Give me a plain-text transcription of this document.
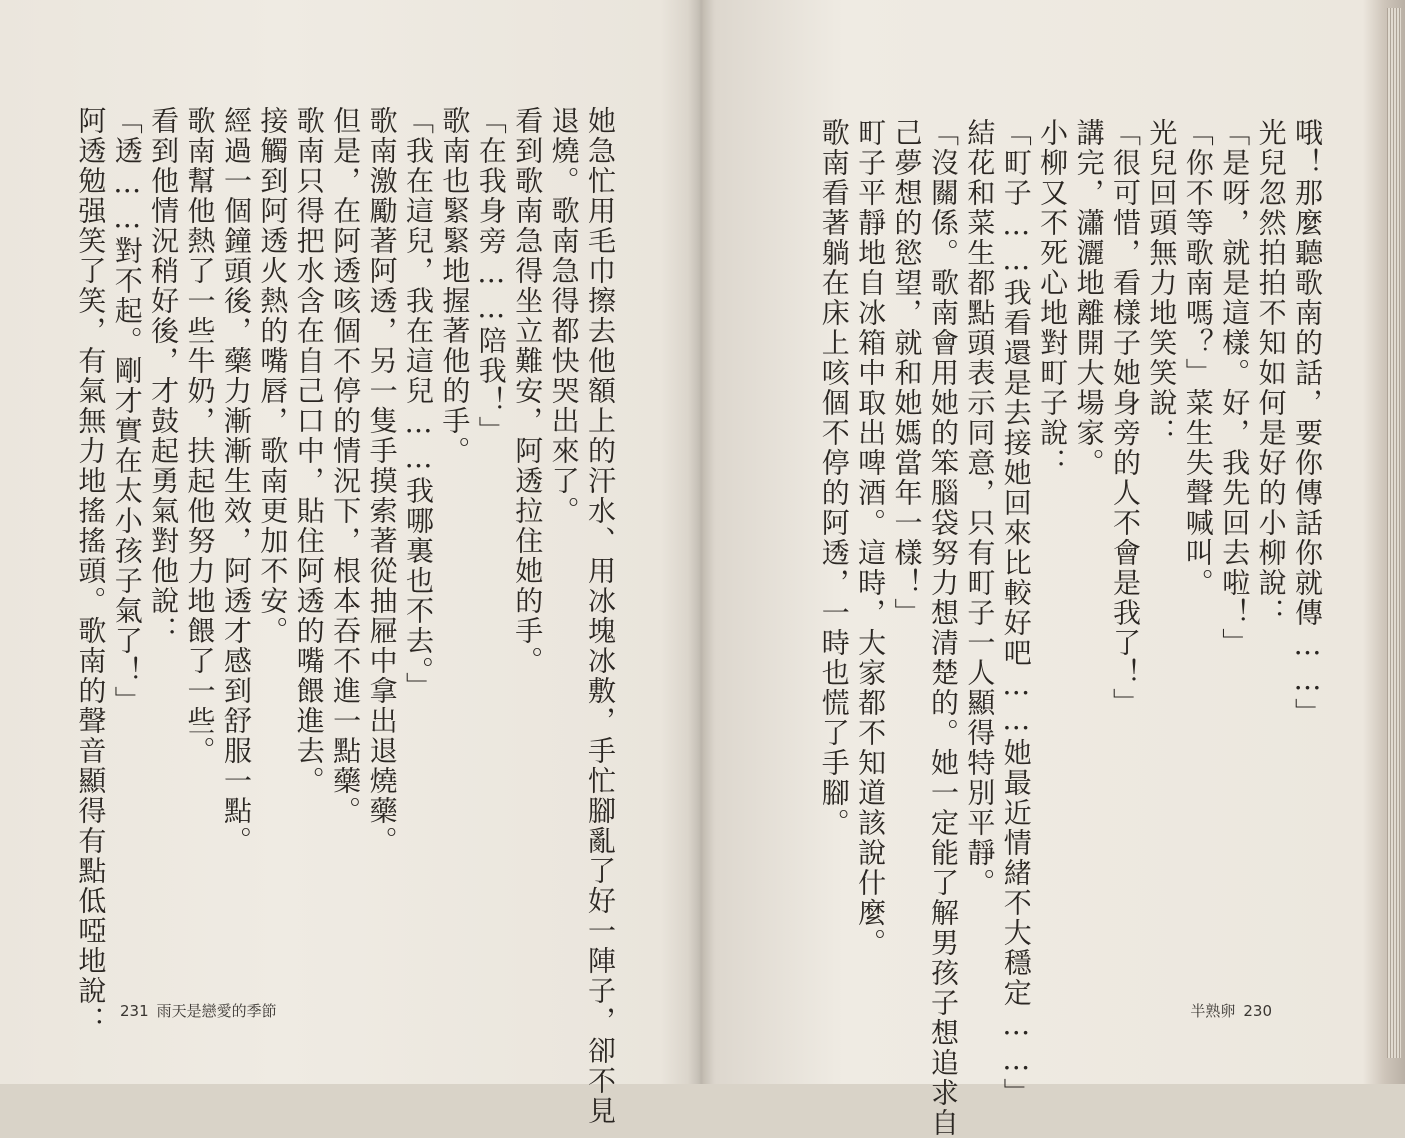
她急忙用毛巾擦去他額上的汗水、用冰塊冰敷，手忙腳亂了好一陣子，卻不見
退燒。歌南急得都快哭出來了。
看到歌南急得坐立難安，阿透拉住她的手。
「在我身旁……陪我！」
歌南也緊緊地握著他的手。
「我在這兒，我在這兒……我哪裏也不去。」
歌南激勵著阿透，另一隻手摸索著從抽屜中拿出退燒藥。
但是，在阿透咳個不停的情況下，根本吞不進一點藥。
歌南只得把水含在自己口中，貼住阿透的嘴餵進去。
接觸到阿透火熱的嘴唇，歌南更加不安。
經過一個鐘頭後，藥力漸漸生效，阿透才感到舒服一點。
歌南幫他熱了一些牛奶，扶起他努力地餵了一些。
看到他情況稍好後，才鼓起勇氣對他說：
「透……對不起。剛才實在太小孩子氣了！」
阿透勉强笑了笑，有氣無力地搖搖頭。歌南的聲音顯得有點低啞地說： 231 雨天是戀愛的季節
哦！那麼聽歌南的話，要你傳話你就傳……」
光兒忽然拍拍不知如何是好的小柳說：
「是呀，就是這樣。好，我先回去啦！」
「你不等歌南嗎？」菜生失聲喊叫。
光兒回頭無力地笑笑說：
「很可惜，看樣子她身旁的人不會是我了！」
講完，瀟灑地離開大場家。
小柳又不死心地對町子說：
「町子……我看還是去接她回來比較好吧……她最近情緒不大穩定……」
結花和菜生都點頭表示同意，只有町子一人顯得特別平靜。
「沒關係。歌南會用她的笨腦袋努力想清楚的。她一定能了解男孩子想追求自
己夢想的慾望，就和她媽當年一樣！」
町子平靜地自冰箱中取出啤酒。這時，大家都不知道該說什麼。
歌南看著躺在床上咳個不停的阿透，一時也慌了手腳。
半熟卵 230
